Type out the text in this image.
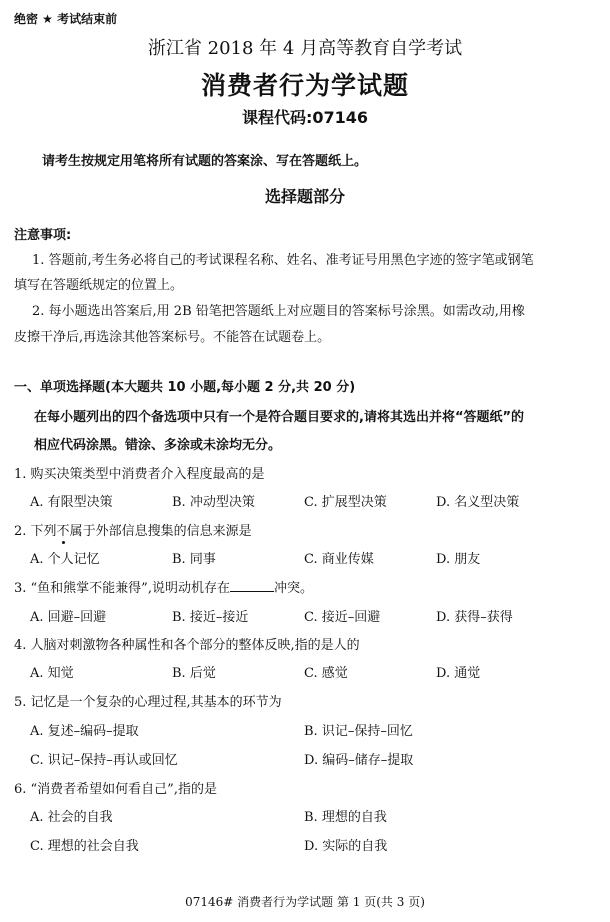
绝密 ★ 考试结束前
浙江省 2018 年 4 月高等教育自学考试
消费者行为学试题
课程代码:07146
请考生按规定用笔将所有试题的答案涂、写在答题纸上。
选择题部分
注意事项:
1. 答题前,考生务必将自己的考试课程名称、姓名、准考证号用黑色字迹的签字笔或钢笔
填写在答题纸规定的位置上。
2. 每小题选出答案后,用 2B 铅笔把答题纸上对应题目的答案标号涂黑。如需改动,用橡
皮擦干净后,再选涂其他答案标号。不能答在试题卷上。
一、单项选择题(本大题共 10 小题,每小题 2 分,共 20 分)
在每小题列出的四个备选项中只有一个是符合题目要求的,请将其选出并将“答题纸”的
相应代码涂黑。错涂、多涂或未涂均无分。
1. 购买决策类型中消费者介入程度最高的是
A. 有限型决策	B. 冲动型决策	C. 扩展型决策	D. 名义型决策
2. 下列不属于外部信息搜集的信息来源是
A. 个人记忆	B. 同事	C. 商业传媒	D. 朋友
3. “鱼和熊掌不能兼得”,说明动机存在	冲突。
A. 回避–回避	B. 接近–接近	C. 接近–回避	D. 获得–获得
4. 人脑对刺激物各种属性和各个部分的整体反映,指的是人的
A. 知觉	B. 后觉	C. 感觉	D. 通觉
5. 记忆是一个复杂的心理过程,其基本的环节为
A. 复述–编码–提取	B. 识记–保持–回忆
C. 识记–保持–再认或回忆	D. 编码–储存–提取
6. “消费者希望如何看自己”,指的是
A. 社会的自我	B. 理想的自我
C. 理想的社会自我	D. 实际的自我
07146# 消费者行为学试题 第 1 页(共 3 页)
